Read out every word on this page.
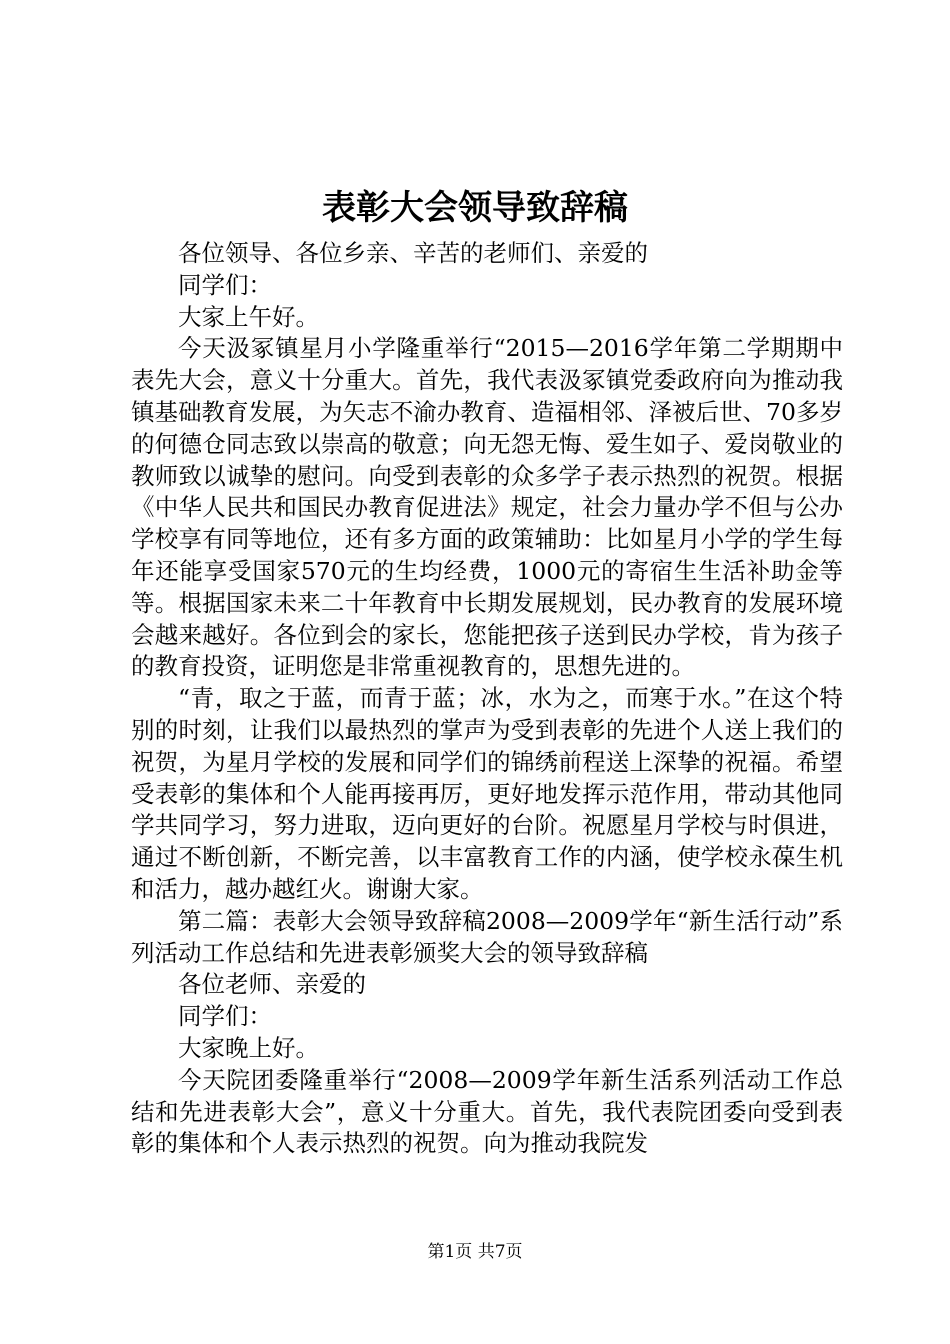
表彰大会领导致辞稿

各位领导、各位乡亲、辛苦的老师们、亲爱的

同学们：

大家上午好。

今天汲冢镇星月小学隆重举行“2015—2016学年第二学期期中表先大会，意义十分重大。首先，我代表汲冢镇党委政府向为推动我镇基础教育发展，为矢志不渝办教育、造福相邻、泽被后世、70多岁的何德仓同志致以崇高的敬意；向无怨无悔、爱生如子、爱岗敬业的教师致以诚挚的慰问。向受到表彰的众多学子表示热烈的祝贺。根据《中华人民共和国民办教育促进法》规定，社会力量办学不但与公办学校享有同等地位，还有多方面的政策辅助：比如星月小学的学生每年还能享受国家570元的生均经费，1000元的寄宿生生活补助金等等。根据国家未来二十年教育中长期发展规划，民办教育的发展环境会越来越好。各位到会的家长，您能把孩子送到民办学校，肯为孩子的教育投资，证明您是非常重视教育的，思想先进的。

“青，取之于蓝，而青于蓝；冰，水为之，而寒于水。”在这个特别的时刻，让我们以最热烈的掌声为受到表彰的先进个人送上我们的祝贺，为星月学校的发展和同学们的锦绣前程送上深挚的祝福。希望受表彰的集体和个人能再接再厉，更好地发挥示范作用，带动其他同学共同学习，努力进取，迈向更好的台阶。祝愿星月学校与时俱进，通过不断创新，不断完善，以丰富教育工作的内涵，使学校永葆生机和活力，越办越红火。谢谢大家。

第二篇：表彰大会领导致辞稿2008—2009学年“新生活行动”系列活动工作总结和先进表彰颁奖大会的领导致辞稿

各位老师、亲爱的

同学们：

大家晚上好。

今天院团委隆重举行“2008—2009学年新生活系列活动工作总结和先进表彰大会”，意义十分重大。首先，我代表院团委向受到表彰的集体和个人表示热烈的祝贺。向为推动我院发

第1页 共7页
